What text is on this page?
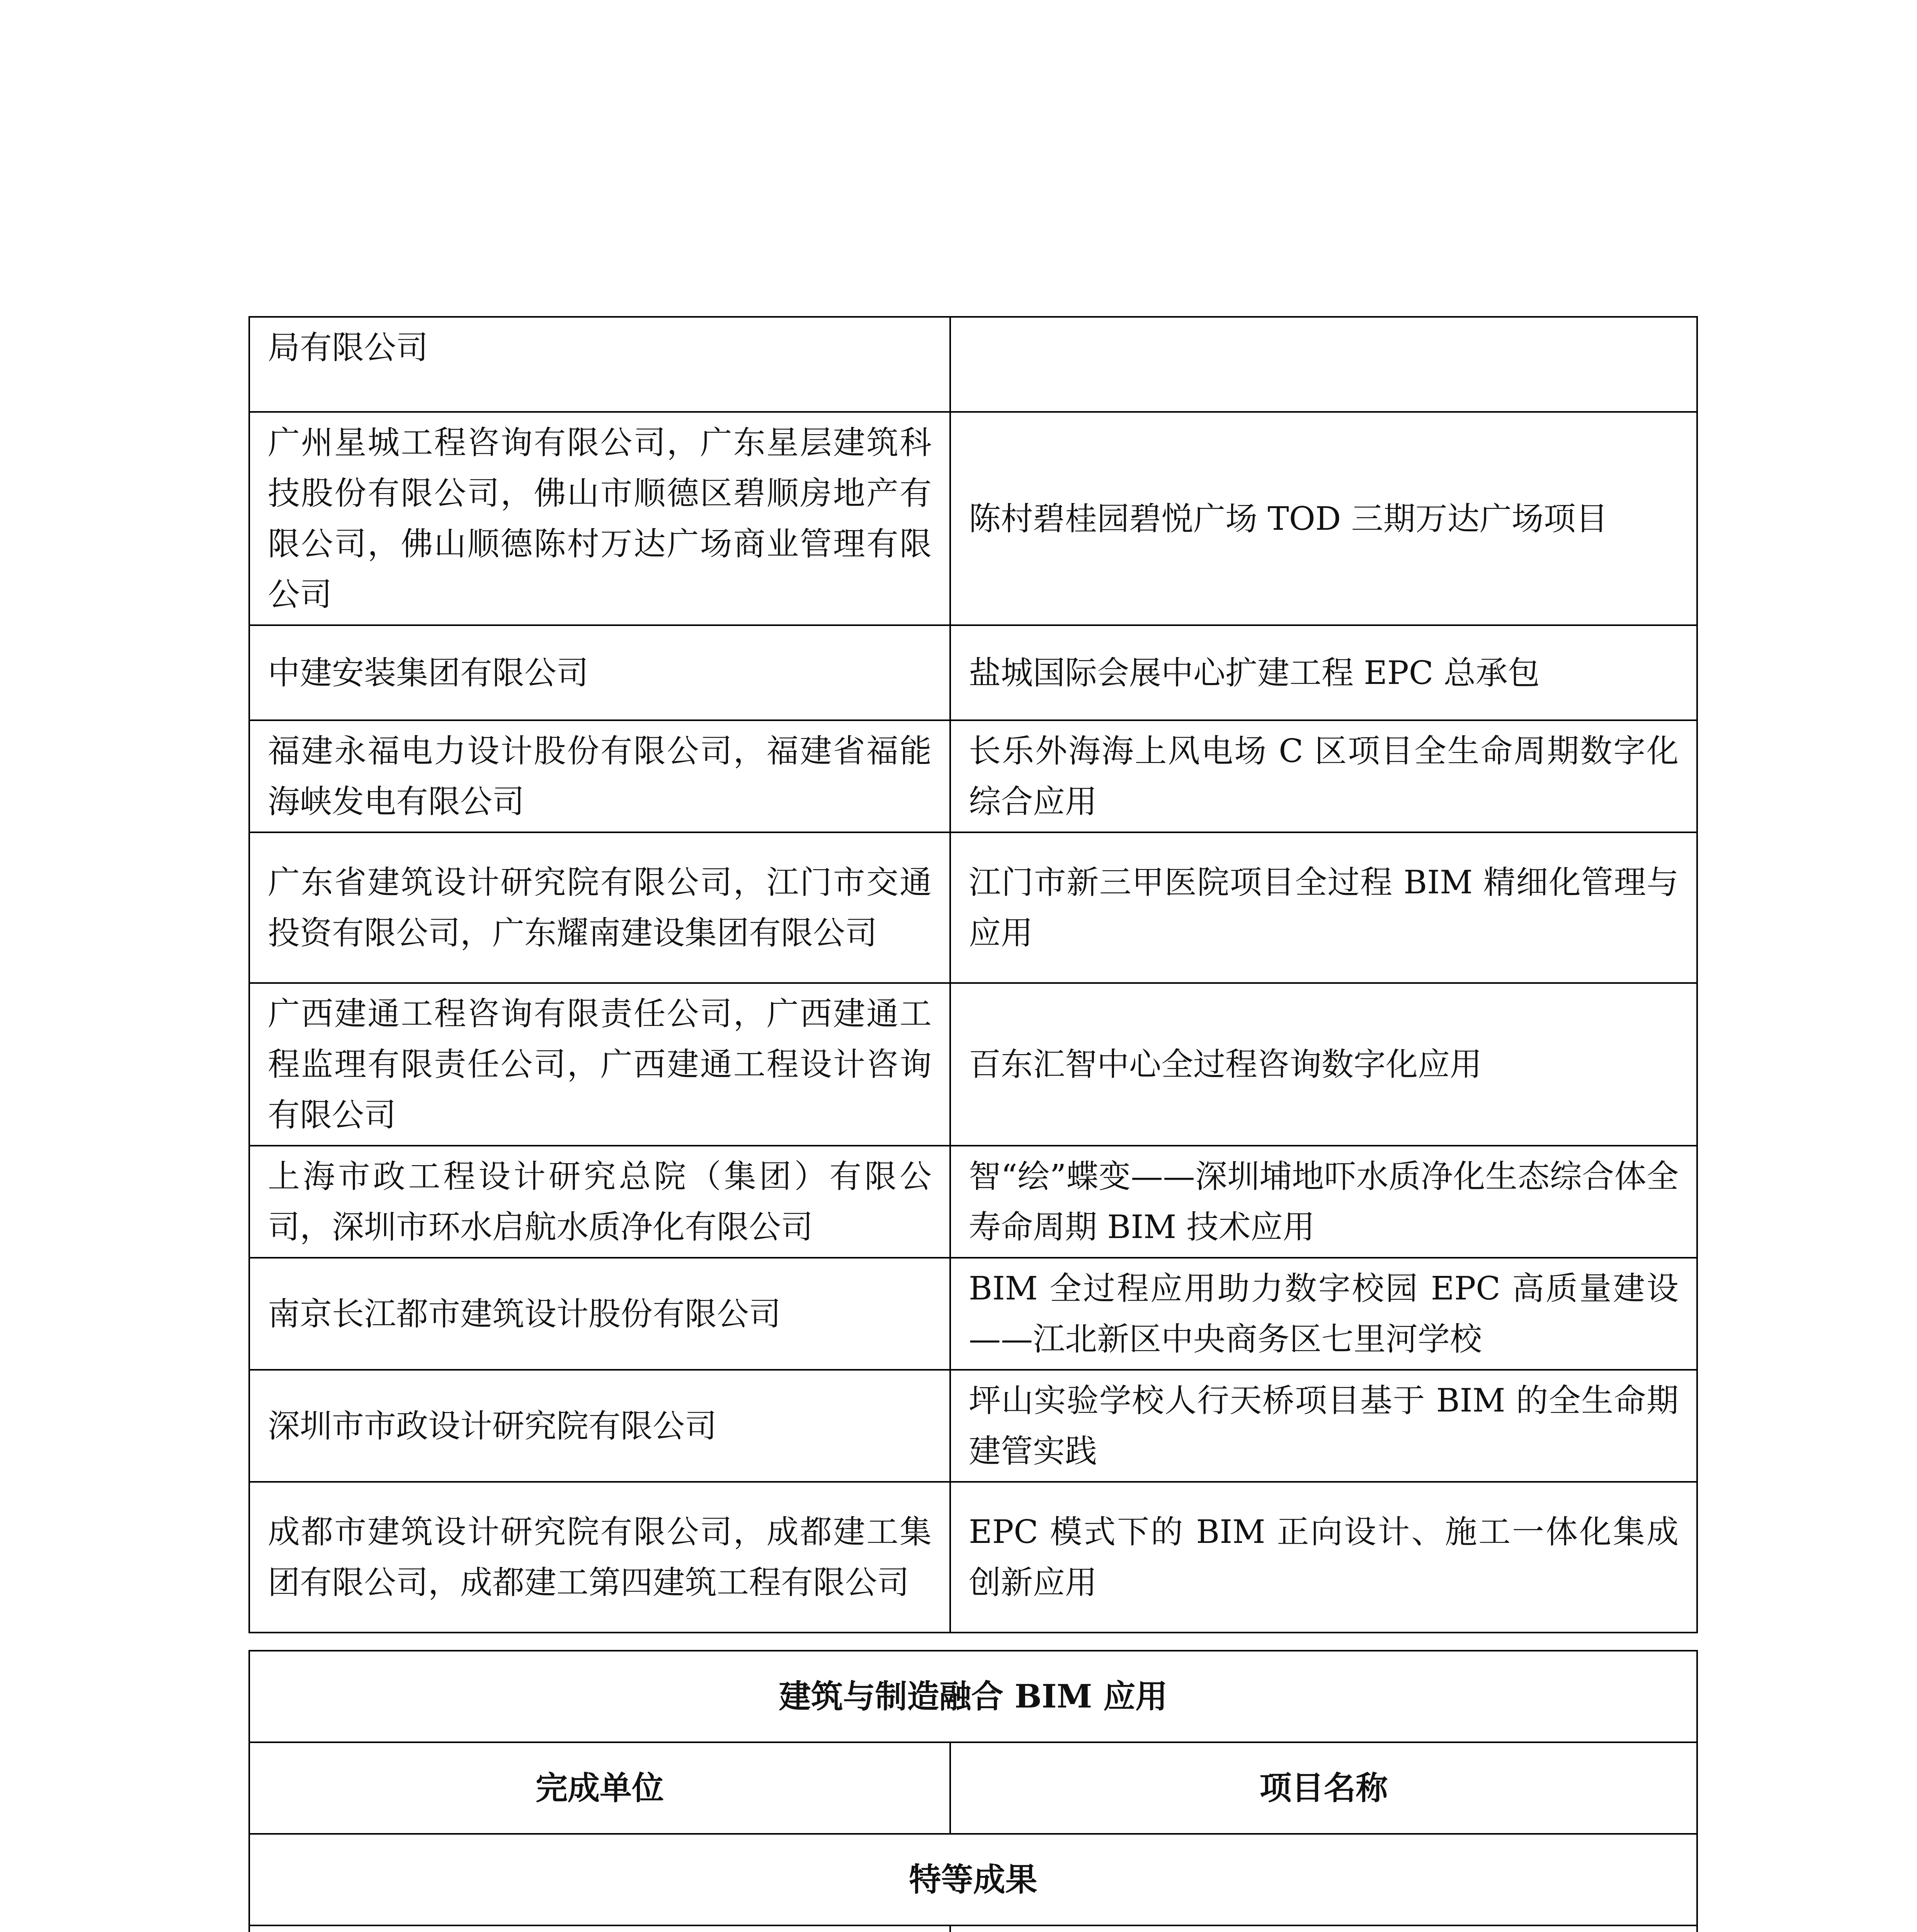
局有限公司	
广州星城工程咨询有限公司，广东星层建筑科技股份有限公司，佛山市顺德区碧顺房地产有限公司，佛山顺德陈村万达广场商业管理有限公司	陈村碧桂园碧悦广场 TOD 三期万达广场项目
中建安装集团有限公司	盐城国际会展中心扩建工程 EPC 总承包
福建永福电力设计股份有限公司，福建省福能海峡发电有限公司	长乐外海海上风电场 C 区项目全生命周期数字化综合应用
广东省建筑设计研究院有限公司，江门市交通投资有限公司，广东耀南建设集团有限公司	江门市新三甲医院项目全过程 BIM 精细化管理与应用
广西建通工程咨询有限责任公司，广西建通工程监理有限责任公司，广西建通工程设计咨询有限公司	百东汇智中心全过程咨询数字化应用
上海市政工程设计研究总院（集团）有限公司，深圳市环水启航水质净化有限公司	智“绘”蝶变——深圳埔地吓水质净化生态综合体全寿命周期 BIM 技术应用
南京长江都市建筑设计股份有限公司	BIM 全过程应用助力数字校园 EPC 高质量建设——江北新区中央商务区七里河学校
深圳市市政设计研究院有限公司	坪山实验学校人行天桥项目基于 BIM 的全生命期建管实践
成都市建筑设计研究院有限公司，成都建工集团有限公司，成都建工第四建筑工程有限公司	EPC 模式下的 BIM 正向设计、施工一体化集成创新应用
建筑与制造融合 BIM 应用	
完成单位	项目名称
特等成果	
